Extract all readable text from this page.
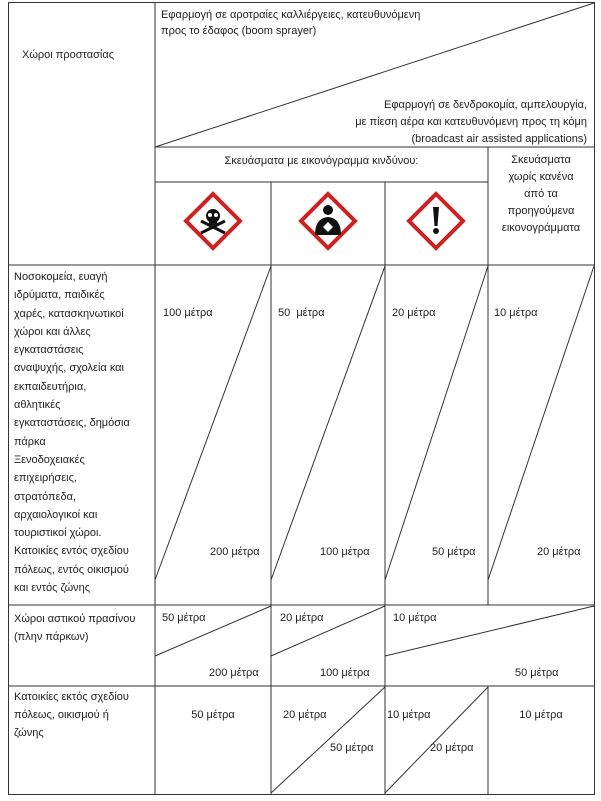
Χώροι προστασίας
Εφαρμογή σε αροτραίες καλλιέργειες, κατευθυνόμενη
προς το έδαφος (boom sprayer)
Εφαρμογή σε δενδροκομία, αμπελουργία,
με πίεση αέρα και κατευθυνόμενη προς τη κόμη
(broadcast air assisted applications)
Σκευάσματα με εικονόγραμμα κινδύνου:	Σκευάσματα
χωρίς κανένα
από τα
προηγούμενα
εικονογράμματα
Νοσοκομεία, ευαγή
ιδρύματα, παιδικές
χαρές, κατασκηνωτικοί
χώροι και άλλες
εγκαταστάσεις
αναψυχής, σχολεία και
εκπαιδευτήρια,
αθλητικές
εγκαταστάσεις, δημόσια
πάρκα
Ξενοδοχειακές
επιχειρήσεις,
στρατόπεδα,
αρχαιολογικοί και
τουριστικοί χώροι.
Κατοικίες εντός σχεδίου
πόλεως, εντός οικισμού
και εντός ζώνης
100 μέτρα
200 μέτρα
50  μέτρα
100 μέτρα
20 μέτρα
50 μέτρα
10 μέτρα
20 μέτρα
Χώροι αστικού πρασίνου
(πλην πάρκων)
50 μέτρα
200 μέτρα
20 μέτρα
100 μέτρα
10 μέτρα
50 μέτρα
Κατοικίες εκτός σχεδίου
πόλεως, οικισμού ή
ζώνης
50 μέτρα	20 μέτρα
50 μέτρα
10 μέτρα
20 μέτρα
10 μέτρα
